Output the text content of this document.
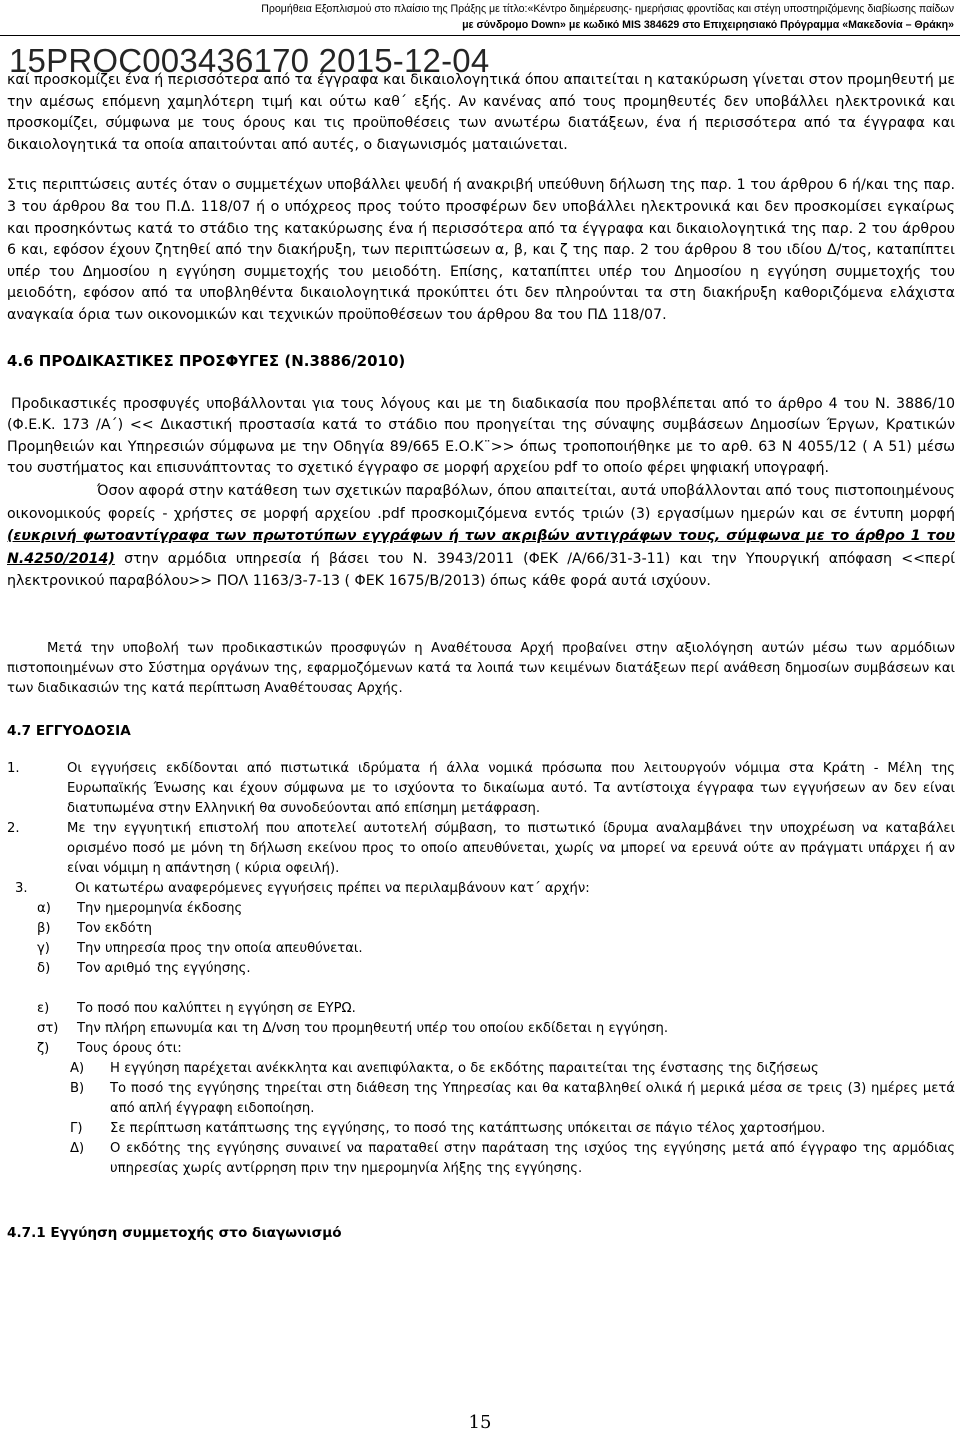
Προμήθεια Εξοπλισμού στο πλαίσιο της Πράξης με τίτλο:«Κέντρο διημέρευσης- ημερήσιας φροντίδας και στέγη υποστηριζόμενης διαβίωσης παίδων
με σύνδρομο Down» με κωδικό MIS 384629 στο Επιχειρησιακό Πρόγραμμα «Μακεδονία – Θράκη»
15PROC003436170 2015-12-04

καί προσκομίζει ένα ή περισσότερα από τα έγγραφα και δικαιολογητικά όπου απαιτείται η κατακύρωση γίνεται στον προμηθευτή με την αμέσως επόμενη χαμηλότερη τιμή και ούτω καθ΄ εξής. Αν κανένας από τους προμηθευτές δεν υποβάλλει ηλεκτρονικά και προσκομίζει, σύμφωνα με τους όρους και τις προϋποθέσεις των ανωτέρω διατάξεων, ένα ή περισσότερα από τα έγγραφα και δικαιολογητικά τα οποία απαιτούνται από αυτές, ο διαγωνισμός ματαιώνεται.

Στις περιπτώσεις αυτές όταν ο συμμετέχων υποβάλλει ψευδή ή ανακριβή υπεύθυνη δήλωση της παρ. 1 του άρθρου 6 ή/και της παρ. 3 του άρθρου 8α του Π.Δ. 118/07 ή ο υπόχρεος προς τούτο προσφέρων δεν υποβάλλει ηλεκτρονικά και δεν προσκομίσει εγκαίρως και προσηκόντως κατά το στάδιο της κατακύρωσης ένα ή περισσότερα από τα έγγραφα και δικαιολογητικά της παρ. 2 του άρθρου 6 και, εφόσον έχουν ζητηθεί από την διακήρυξη, των περιπτώσεων α, β, και ζ της παρ. 2 του άρθρου 8 του ιδίου Δ/τος, καταπίπτει υπέρ του Δημοσίου η εγγύηση συμμετοχής του μειοδότη. Επίσης, καταπίπτει υπέρ του Δημοσίου η εγγύηση συμμετοχής του μειοδότη, εφόσον από τα υποβληθέντα δικαιολογητικά προκύπτει ότι δεν πληρούνται τα στη διακήρυξη καθοριζόμενα ελάχιστα αναγκαία όρια των οικονομικών και τεχνικών προϋποθέσεων του άρθρου 8α του ΠΔ 118/07.

4.6 ΠΡΟΔΙΚΑΣΤΙΚΕΣ ΠΡΟΣΦΥΓΕΣ (Ν.3886/2010)

Προδικαστικές προσφυγές υποβάλλονται για τους λόγους και με τη διαδικασία που προβλέπεται από το άρθρο 4 του Ν. 3886/10 (Φ.Ε.Κ. 173 /Α΄) << Δικαστική προστασία κατά το στάδιο που προηγείται της σύναψης συμβάσεων Δημοσίων Έργων, Κρατικών Προμηθειών και Υπηρεσιών σύμφωνα με την Οδηγία 89/665 Ε.Ο.Κ¨>> όπως τροποποιήθηκε με το αρθ. 63 Ν 4055/12 ( Α 51) μέσω του συστήματος και επισυνάπτοντας το σχετικό έγγραφο σε μορφή αρχείου pdf το οποίο φέρει ψηφιακή υπογραφή.

Όσον αφορά στην κατάθεση των σχετικών παραβόλων, όπου απαιτείται, αυτά υποβάλλονται από τους πιστοποιημένους οικονομικούς φορείς - χρήστες σε μορφή αρχείου .pdf προσκομιζόμενα εντός τριών (3) εργασίμων ημερών και σε έντυπη μορφή (ευκρινή φωτοαντίγραφα των πρωτοτύπων εγγράφων ή των ακριβών αντιγράφων τους, σύμφωνα με το άρθρο 1 του Ν.4250/2014) στην αρμόδια υπηρεσία ή βάσει του Ν. 3943/2011 (ΦΕΚ /Α/66/31-3-11) και την Υπουργική απόφαση <<περί ηλεκτρονικού παραβόλου>> ΠΟΛ 1163/3-7-13 ( ΦΕΚ 1675/Β/2013) όπως κάθε φορά αυτά ισχύουν.

Μετά την υποβολή των προδικαστικών προσφυγών η Αναθέτουσα Αρχή προβαίνει στην αξιολόγηση αυτών μέσω των αρμόδιων πιστοποιημένων στο Σύστημα οργάνων της, εφαρμοζόμενων κατά τα λοιπά των κειμένων διατάξεων περί ανάθεση δημοσίων συμβάσεων και των διαδικασιών της κατά περίπτωση Αναθέτουσας Αρχής.

4.7 ΕΓΓΥΟΔΟΣΙΑ

1.	Οι εγγυήσεις εκδίδονται από πιστωτικά ιδρύματα ή άλλα νομικά πρόσωπα που λειτουργούν νόμιμα στα Κράτη - Μέλη της Ευρωπαϊκής Ένωσης και έχουν σύμφωνα με το ισχύοντα το δικαίωμα αυτό. Τα αντίστοιχα έγγραφα των εγγυήσεων αν δεν είναι διατυπωμένα στην Ελληνική θα συνοδεύονται από επίσημη μετάφραση.
2.	Με την εγγυητική επιστολή που αποτελεί αυτοτελή σύμβαση, το πιστωτικό ίδρυμα αναλαμβάνει την υποχρέωση να καταβάλει ορισμένο ποσό με μόνη τη δήλωση εκείνου προς το οποίο απευθύνεται, χωρίς να μπορεί να ερευνά ούτε αν πράγματι υπάρχει ή αν είναι νόμιμη η απάντηση ( κύρια οφειλή).
3.	Οι κατωτέρω αναφερόμενες εγγυήσεις πρέπει να περιλαμβάνουν κατ΄ αρχήν:
α)	Την ημερομηνία έκδοσης
β)	Τον εκδότη
γ)	Την υπηρεσία προς την οποία απευθύνεται.
δ)	Τον αριθμό της εγγύησης.
ε)	Το ποσό που καλύπτει η εγγύηση σε ΕΥΡΩ.
στ)	Την πλήρη επωνυμία και τη Δ/νση του προμηθευτή υπέρ του οποίου εκδίδεται η εγγύηση.
ζ)	Τους όρους ότι:
Α)	Η εγγύηση παρέχεται ανέκκλητα και ανεπιφύλακτα, ο δε εκδότης παραιτείται της ένστασης της διζήσεως
Β)	Το ποσό της εγγύησης τηρείται στη διάθεση της Υπηρεσίας και θα καταβληθεί ολικά ή μερικά μέσα σε τρεις (3) ημέρες μετά από απλή έγγραφη ειδοποίηση.
Γ)	Σε περίπτωση κατάπτωσης της εγγύησης, το ποσό της κατάπτωσης υπόκειται σε πάγιο τέλος χαρτοσήμου.
Δ)	Ο εκδότης της εγγύησης συναινεί να παραταθεί στην παράταση της ισχύος της εγγύησης μετά από έγγραφο της αρμόδιας υπηρεσίας χωρίς αντίρρηση πριν την ημερομηνία λήξης της εγγύησης.

4.7.1 Εγγύηση συμμετοχής στο διαγωνισμό

15
